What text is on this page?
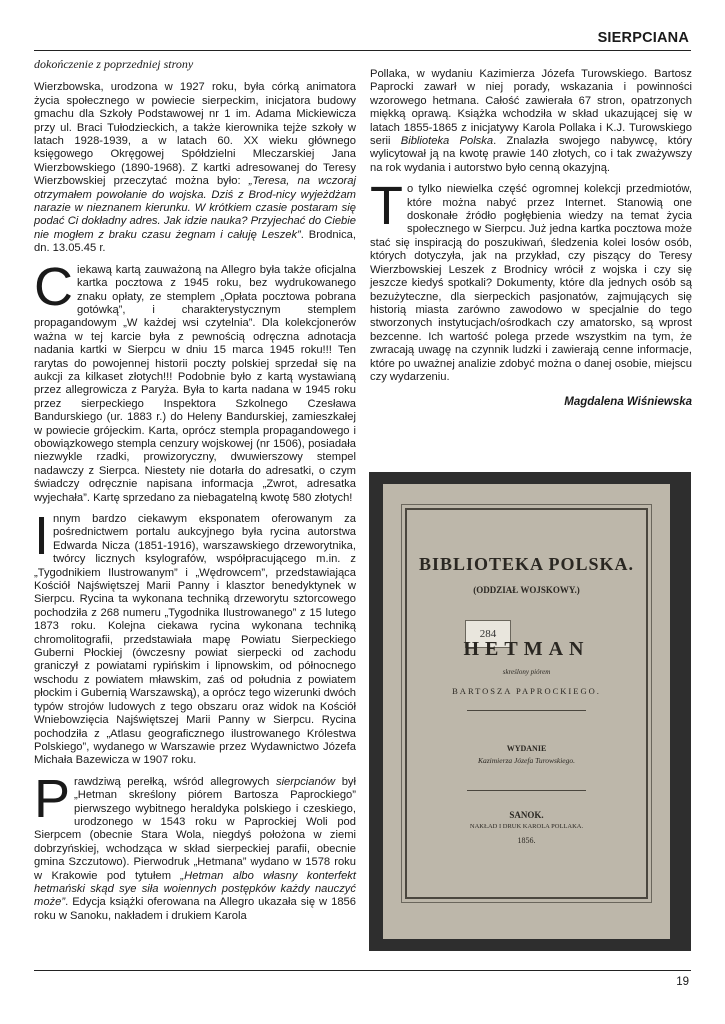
SIERPCIANA
dokończenie z poprzedniej strony

Wierzbowska, urodzona w 1927 roku, była córką animatora życia społecznego w powiecie sierpeckim, inicjatora budowy gmachu dla Szkoły Podstawowej nr 1 im. Adama Mickiewicza przy ul. Braci Tułodzieckich, a także kierownika tejże szkoły w latach 1928-1939, a w latach 60. XX wieku głównego księgowego Okręgowej Spółdzielni Mleczarskiej Jana Wierzbowskiego (1890-1968). Z kartki adresowanej do Teresy Wierzbowskiej przeczytać można było: „Teresa, na wczoraj otrzymałem powołanie do wojska. Dziś z Brod-nicy wyjeżdżam narazie w nieznanem kierunku. W krótkiem czasie postaram się podać Ci dokładny adres. Jak idzie nauka? Przyjechać do Ciebie nie mogłem z braku czasu żegnam i całuję Leszek”. Brodnica, dn. 13.05.45 r.

Ciekawą kartą zauważoną na Allegro była także oficjalna kartka pocztowa z 1945 roku, bez wydrukowanego znaku opłaty, ze stemplem „Opłata pocztowa pobrana gotówką”, i charakterystycznym stemplem propagandowym „W każdej wsi czytelnia”. Dla kolekcjonerów ważna w tej karcie była z pewnością odręczna adnotacja nadania kartki w Sierpcu w dniu 15 marca 1945 roku!!! Ten rarytas do powojennej historii poczty polskiej sprzedał się na aukcji za kilkaset złotych!!! Podobnie było z kartą wystawianą przez allegrowicza z Paryża. Była to karta nadana w 1945 roku przez sierpeckiego Inspektora Szkolnego Czesława Bandurskiego (ur. 1883 r.) do Heleny Bandurskiej, zamieszkałej w powiecie grójeckim. Karta, oprócz stempla propagandowego i obowiązkowego stempla cenzury wojskowej (nr 1506), posiadała niezwykle rzadki, prowizoryczny, dwuwierszowy stempel nadawczy z Sierpca. Niestety nie dotarła do adresatki, o czym świadczy odręcznie napisana informacja „Zwrot, adresatka wyjechała”. Kartę sprzedano za niebagatelną kwotę 580 złotych!

Innym bardzo ciekawym eksponatem oferowanym za pośrednictwem portalu aukcyjnego była rycina autorstwa Edwarda Nicza (1851-1916), warszawskiego drzeworytnika, twórcy licznych ksylografów, współpracującego m.in. z „Tygodnikiem Ilustrowanym” i „Wędrowcem”, przedstawiająca Kościół Najświętszej Marii Panny i klasztor benedyktynek w Sierpcu. Rycina ta wykonana techniką drzeworytu sztorcowego pochodziła z 268 numeru „Tygodnika Ilustrowanego” z 15 lutego 1873 roku. Kolejna ciekawa rycina wykonana techniką chromolitografii, przedstawiała mapę Powiatu Sierpeckiego Guberni Płockiej (ówczesny powiat sierpecki od zachodu graniczył z powiatami rypińskim i lipnowskim, od północnego wschodu z powiatem mławskim, zaś od południa z powiatem płockim i Gubernią Warszawską), a oprócz tego wizerunki dwóch typów strojów ludowych z tego obszaru oraz widok na Kościół Wniebowzięcia Najświętszej Marii Panny w Sierpcu. Rycina pochodziła z „Atlasu geograficznego ilustrowanego Królestwa Polskiego”, wydanego w Warszawie przez Wydawnictwo Józefa Michała Bazewicza w 1907 roku.

Prawdziwą perełką, wśród allegrowych sierpcianów był „Hetman skreślony piórem Bartosza Paprockiego” pierwszego wybitnego heraldyka polskiego i czeskiego, urodzonego w 1543 roku w Paprockiej Woli pod Sierpcem (obecnie Stara Wola, niegdyś położona w ziemi dobrzyńskiej, wchodząca w skład sierpeckiej parafii, obecnie gmina Szczutowo). Pierwodruk „Hetmana” wydano w 1578 roku w Krakowie pod tytułem „Hetman albo własny konterfekt hetmański skąd sye siła woiennych postępków każdy nauczyć może”. Edycja książki oferowana na Allegro ukazała się w 1856 roku w Sanoku, nakładem i drukiem Karola

Pollaka, w wydaniu Kazimierza Józefa Turowskiego. Bartosz Paprocki zawarł w niej porady, wskazania i powinności wzorowego hetmana. Całość zawierała 67 stron, opatrzonych miękką oprawą. Książka wchodziła w skład ukazującej się w latach 1855-1865 z inicjatywy Karola Pollaka i K.J. Turowskiego serii Biblioteka Polska. Znalazła swojego nabywcę, który wylicytował ją na kwotę prawie 140 złotych, co i tak zważywszy na rok wydania i autorstwo było cenną okazyjną.

To tylko niewielka część ogromnej kolekcji przedmiotów, które można nabyć przez Internet. Stanowią one doskonałe źródło pogłębienia wiedzy na temat życia społecznego w Sierpcu. Już jedna kartka pocztowa może stać się inspiracją do poszukiwań, śledzenia kolei losów osób, których dotyczyła, jak na przykład, czy piszący do Teresy Wierzbowskiej Leszek z Brodnicy wrócił z wojska i czy się jeszcze kiedyś spotkali? Dokumenty, które dla jednych osób są bezużyteczne, dla sierpeckich pasjonatów, zajmujących się historią miasta zarówno zawodowo w specjalnie do tego stworzonych instytucjach/ośrodkach czy amatorsko, są wprost bezcenne. Ich wartość polega przede wszystkim na tym, że zwracają uwagę na czynnik ludzki i zawierają cenne informacje, które po uważnej analizie zdobyć można o danej osobie, miejscu czy wydarzeniu.

Magdalena Wiśniewska
BIBLIOTEKA POLSKA.
(ODDZIAŁ WOJSKOWY.)
284
HETMAN
skreślony piórem
BARTOSZA PAPROCKIEGO.
WYDANIE
Kazimierza Józefa Turowskiego.
SANOK.
NAKŁAD I DRUK KAROLA POLLAKA.
1856.
19
